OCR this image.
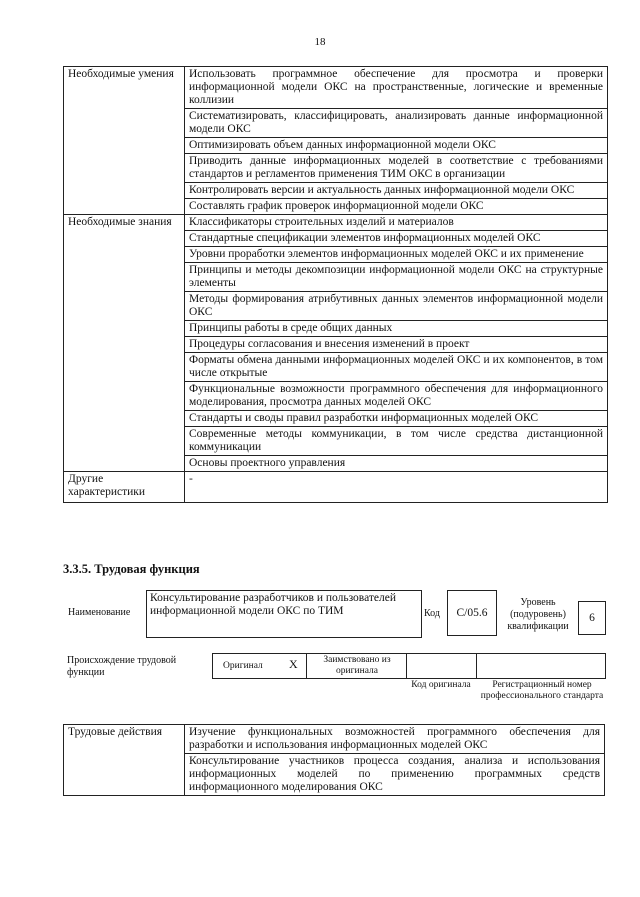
18
Необходимые умения	Использовать программное обеспечение для просмотра и проверки информационной модели ОКС на пространственные, логические и временные коллизии
	Систематизировать, классифицировать, анализировать данные информационной модели ОКС
	Оптимизировать объем данных информационной модели ОКС
	Приводить данные информационных моделей в соответствие с требованиями стандартов и регламентов применения ТИМ ОКС в организации
	Контролировать версии и актуальность данных информационной модели ОКС
	Составлять график проверок информационной модели ОКС
Необходимые знания	Классификаторы строительных изделий и материалов
	Стандартные спецификации элементов информационных моделей ОКС
	Уровни проработки элементов информационных моделей ОКС и их применение
	Принципы и методы декомпозиции информационной модели ОКС на структурные элементы
	Методы формирования атрибутивных данных элементов информационной модели ОКС
	Принципы работы в среде общих данных
	Процедуры согласования и внесения изменений в проект
	Форматы обмена данными информационных моделей ОКС и их компонентов, в том числе открытые
	Функциональные возможности программного обеспечения для информационного моделирования, просмотра данных моделей ОКС
	Стандарты и своды правил разработки информационных моделей ОКС
	Современные методы коммуникации, в том числе средства дистанционной коммуникации
	Основы проектного управления
Другие характеристики	-
3.3.5. Трудовая функция
Наименование
Консультирование разработчиков и пользователей информационной модели ОКС по ТИМ	Код	C/05.6
Уровень (подуровень) квалификации
6
Происхождение трудовой функции
Оригинал X	Заимствовано из оригинала
Код оригинала	Регистрационный номер профессионального стандарта
Трудовые действия	Изучение функциональных возможностей программного обеспечения для разработки и использования информационных моделей ОКС
Консультирование участников процесса создания, анализа и использования информационных моделей по применению программных средств информационного моделирования ОКС
